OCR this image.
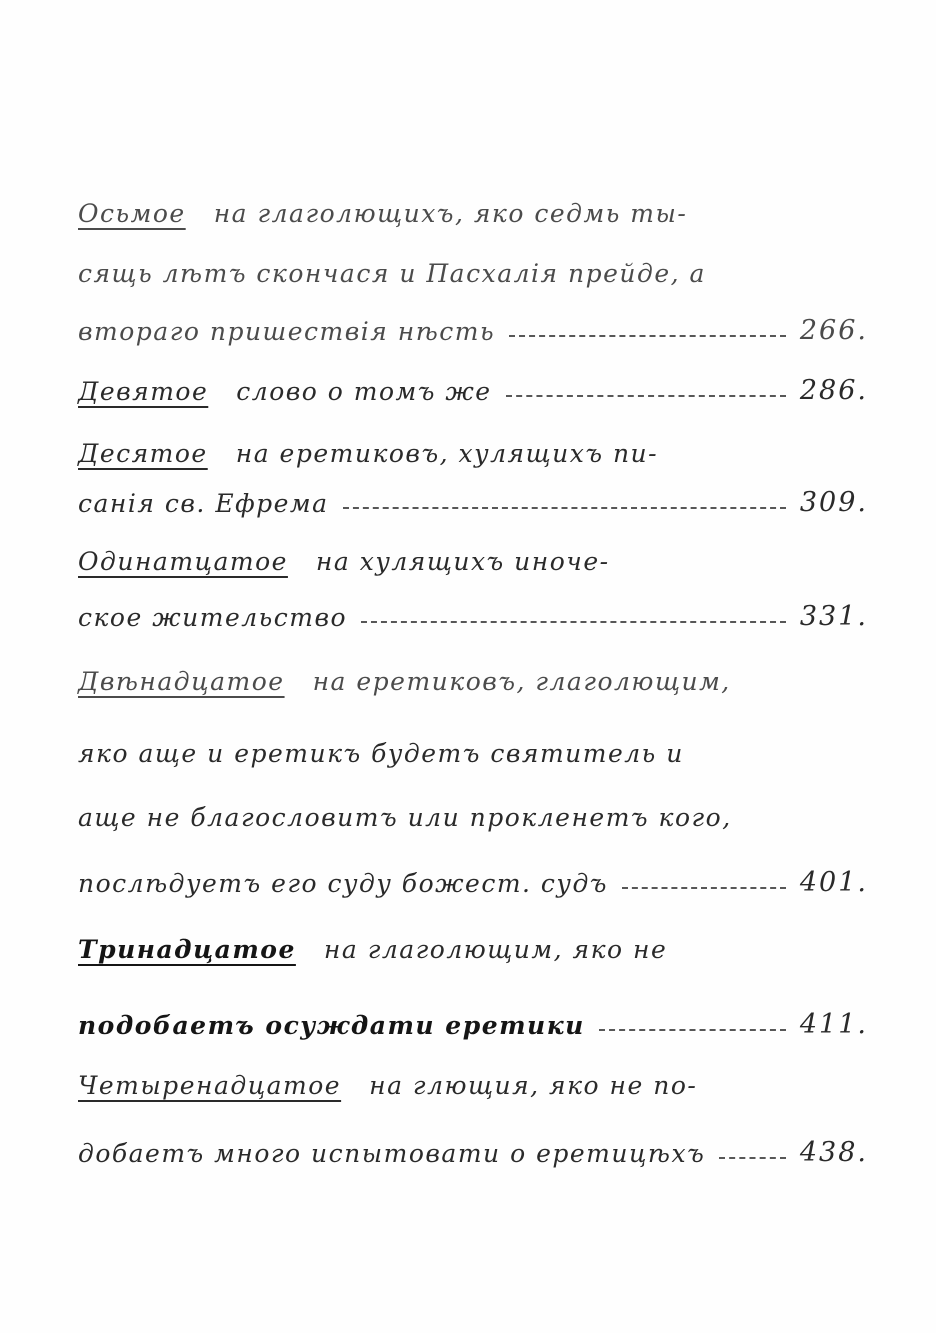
Осьмое на глаголющихъ, яко седмь ты-
сящь лѣтъ скончася и Пасхалія прейде, а
втораго пришествія нѣсть	266.
Девятое слово о томъ же	286.
Десятое на еретиковъ, хулящихъ пи-
санія св. Ефрема	309.
Одинатцатое на хулящихъ иноче-
ское жительство	331.
Двѣнадцатое на еретиковъ, глаголющим,
яко аще и еретикъ будетъ святитель и
аще не благословитъ или прокленетъ кого,
послѣдуетъ его суду божест. судъ	401.
Тринадцатое на глаголющим, яко не
подобаетъ осуждати еретики	411.
Четыренадцатое на глющия, яко не по-
добаетъ много испытовати о еретицѣхъ	438.
